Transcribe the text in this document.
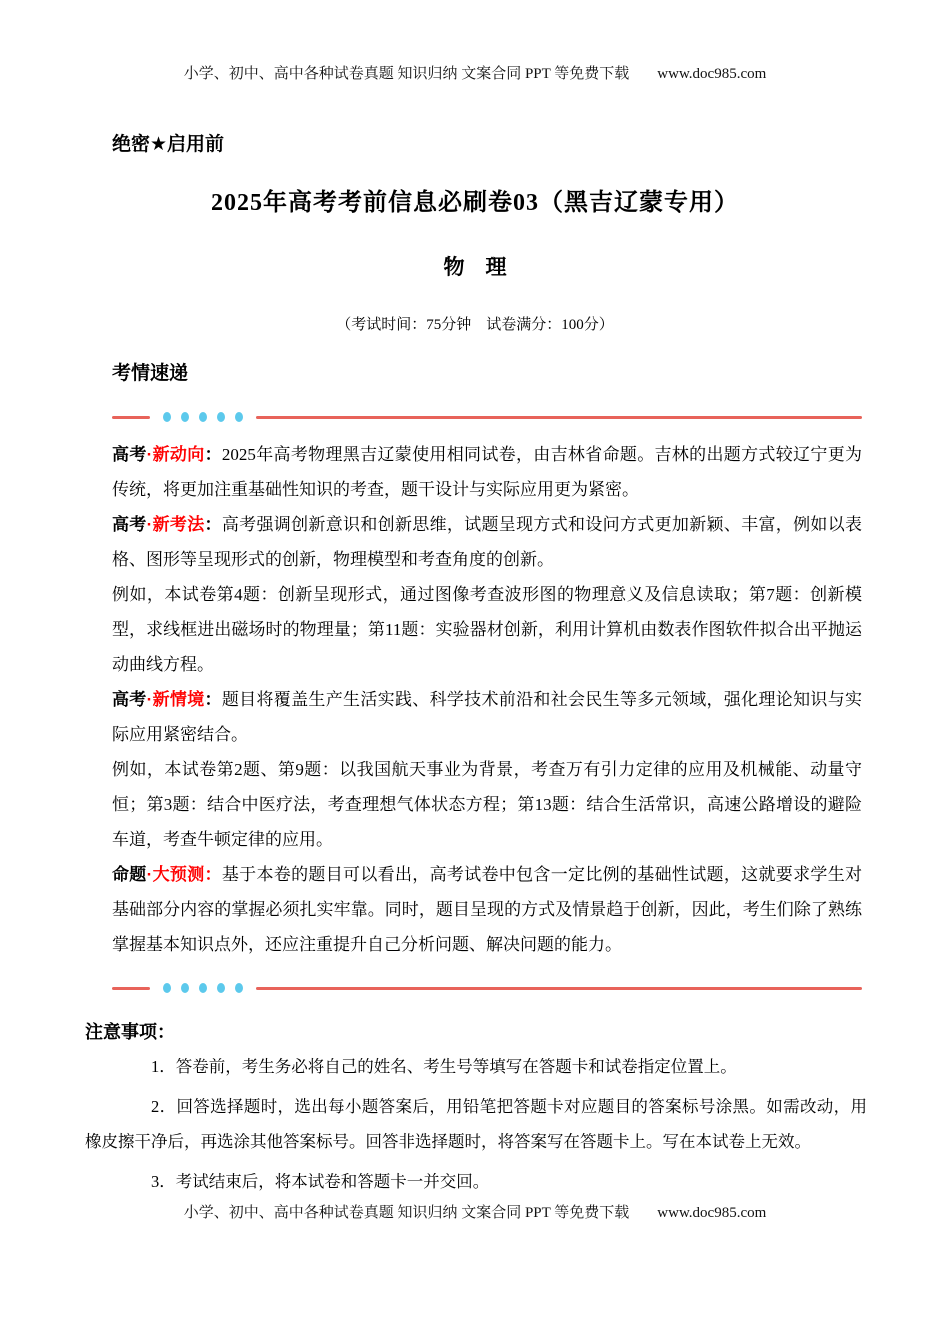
小学、初中、高中各种试卷真题 知识归纳 文案合同 PPT 等免费下载 www.doc985.com
绝密★启用前
2025年高考考前信息必刷卷03（黑吉辽蒙专用）
物　理
（考试时间：75分钟　试卷满分：100分）
考情速递
高考·新动向：2025年高考物理黑吉辽蒙使用相同试卷，由吉林省命题。吉林的出题方式较辽宁更为传统，将更加注重基础性知识的考查，题干设计与实际应用更为紧密。
高考·新考法：高考强调创新意识和创新思维，试题呈现方式和设问方式更加新颖、丰富，例如以表格、图形等呈现形式的创新，物理模型和考查角度的创新。
例如，本试卷第4题：创新呈现形式，通过图像考查波形图的物理意义及信息读取；第7题：创新模型，求线框进出磁场时的物理量；第11题：实验器材创新，利用计算机由数表作图软件拟合出平抛运动曲线方程。
高考·新情境：题目将覆盖生产生活实践、科学技术前沿和社会民生等多元领域，强化理论知识与实际应用紧密结合。
例如，本试卷第2题、第9题：以我国航天事业为背景，考查万有引力定律的应用及机械能、动量守恒；第3题：结合中医疗法，考查理想气体状态方程；第13题：结合生活常识，高速公路增设的避险车道，考查牛顿定律的应用。
命题·大预测：基于本卷的题目可以看出，高考试卷中包含一定比例的基础性试题，这就要求学生对基础部分内容的掌握必须扎实牢靠。同时，题目呈现的方式及情景趋于创新，因此，考生们除了熟练掌握基本知识点外，还应注重提升自己分析问题、解决问题的能力。
注意事项：
1．答卷前，考生务必将自己的姓名、考生号等填写在答题卡和试卷指定位置上。
2．回答选择题时，选出每小题答案后，用铅笔把答题卡对应题目的答案标号涂黑。如需改动，用橡皮擦干净后，再选涂其他答案标号。回答非选择题时，将答案写在答题卡上。写在本试卷上无效。
3．考试结束后，将本试卷和答题卡一并交回。
小学、初中、高中各种试卷真题 知识归纳 文案合同 PPT 等免费下载 www.doc985.com
